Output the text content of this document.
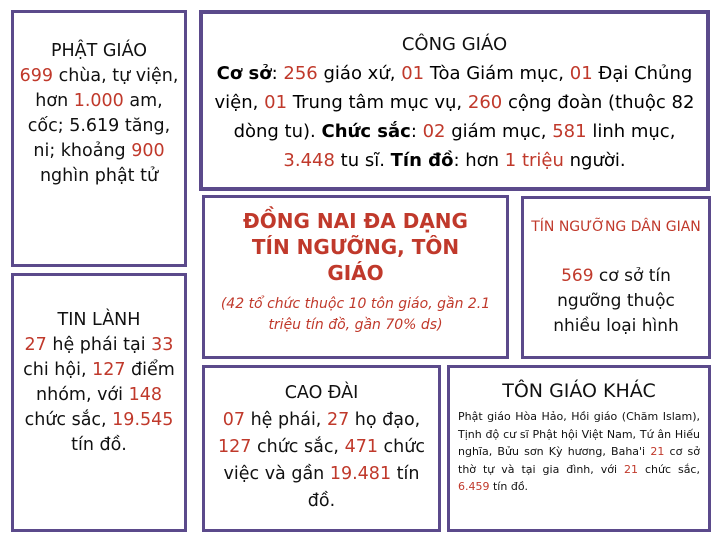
PHẬT GIÁO
699 chùa, tự viện, hơn 1.000 am, cốc; 5.619 tăng, ni; khoảng 900 nghìn phật tử
TIN LÀNH
27 hệ phái tại 33 chi hội, 127 điểm nhóm, với 148 chức sắc, 19.545 tín đồ.
CÔNG GIÁO
Cơ sở: 256 giáo xứ, 01 Tòa Giám mục, 01 Đại Chủng viện, 01 Trung tâm mục vụ, 260 cộng đoàn (thuộc 82 dòng tu). Chức sắc: 02 giám mục, 581 linh mục, 3.448 tu sĩ. Tín đồ: hơn 1 triệu người.
ĐỒNG NAI ĐA DẠNG TÍN NGƯỠNG, TÔN GIÁO
(42 tổ chức thuộc 10 tôn giáo, gần 2.1 triệu tín đồ, gần 70% ds)
TÍN NGƯỠNG DÂN GIAN
569 cơ sở tín ngưỡng thuộc nhiều loại hình
CAO ĐÀI
07 hệ phái, 27 họ đạo, 127 chức sắc, 471 chức việc và gần 19.481 tín đồ.
TÔN GIÁO KHÁC
Phật giáo Hòa Hảo, Hồi giáo (Chăm Islam), Tịnh độ cư sĩ Phật hội Việt Nam, Tứ ân Hiếu nghĩa, Bửu sơn Kỳ hương, Baha'i 21 cơ sở thờ tự và tại gia đình, với 21 chức sắc, 6.459 tín đồ.
